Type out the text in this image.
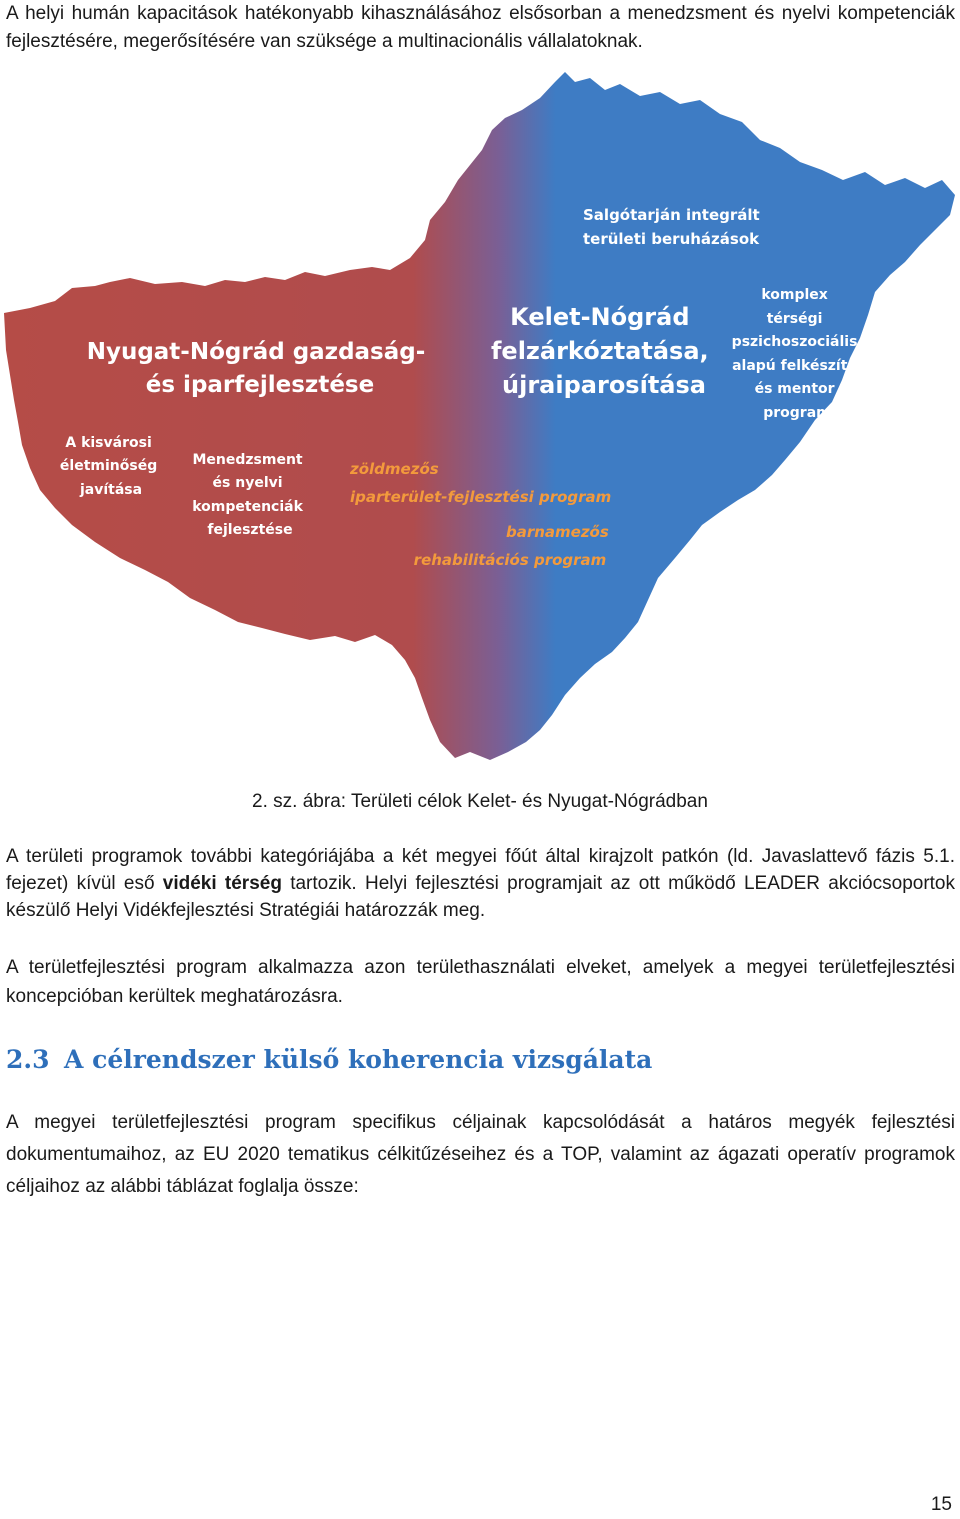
A helyi humán kapacitások hatékonyabb kihasználásához elsősorban a menedzsment és nyelvi kompetenciák fejlesztésére, megerősítésére van szüksége a multinacionális vállalatoknak.

Salgótarján integrált területi beruházások
Kelet-Nógrád felzárkóztatása, újraiparosítása
komplex térségi pszichoszociális alapú felkészítő és mentor program
Nyugat-Nógrád gazdaság- és iparfejlesztése
A kisvárosi életminőség javítása
Menedzsment és nyelvi kompetenciák fejlesztése
zöldmezős iparterület-fejlesztési program
barnamezős rehabilitációs program
2. sz. ábra: Területi célok Kelet- és Nyugat-Nógrádban

A területi programok további kategóriájába a két megyei főút által kirajzolt patkón (ld. Javaslattevő fázis 5.1. fejezet) kívül eső vidéki térség tartozik. Helyi fejlesztési programjait az ott működő LEADER akciócsoportok készülő Helyi Vidékfejlesztési Stratégiái határozzák meg.

A területfejlesztési program alkalmazza azon területhasználati elveket, amelyek a megyei területfejlesztési koncepcióban kerültek meghatározásra.

2.3 A célrendszer külső koherencia vizsgálata

A megyei területfejlesztési program specifikus céljainak kapcsolódását a határos megyék fejlesztési dokumentumaihoz, az EU 2020 tematikus célkitűzéseihez és a TOP, valamint az ágazati operatív programok céljaihoz az alábbi táblázat foglalja össze:

15
